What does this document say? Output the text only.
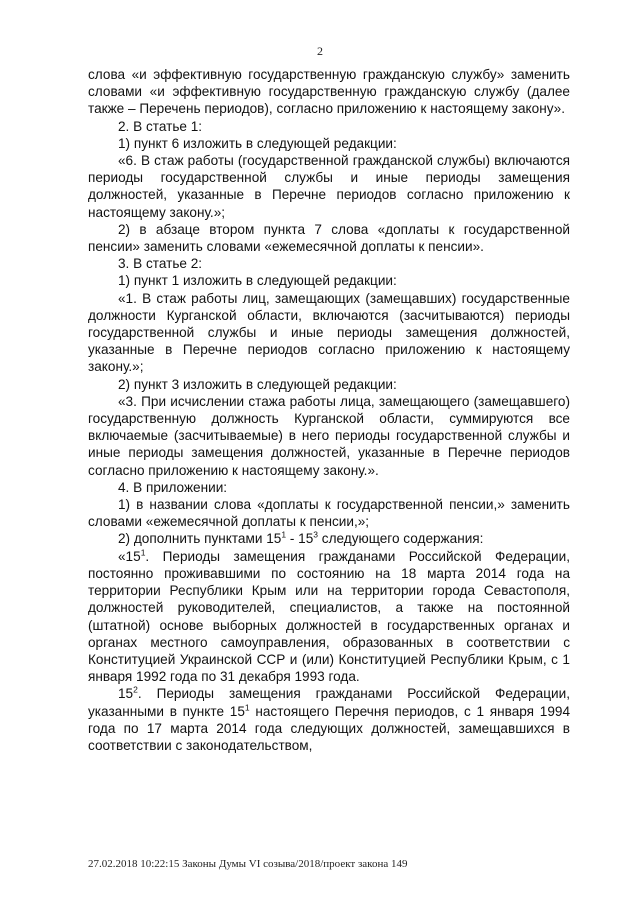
2

слова «и эффективную государственную гражданскую службу» заменить словами «и эффективную государственную гражданскую службу (далее также – Перечень периодов), согласно приложению к настоящему закону».

2. В статье 1:

1) пункт 6 изложить в следующей редакции:

«6. В стаж работы (государственной гражданской службы) включаются периоды государственной службы и иные периоды замещения должностей, указанные в Перечне периодов согласно приложению к настоящему закону.»;

2) в абзаце втором пункта 7 слова «доплаты к государственной пенсии» заменить словами «ежемесячной доплаты к пенсии».

3. В статье 2:

1) пункт 1 изложить в следующей редакции:

«1. В стаж работы лиц, замещающих (замещавших) государственные должности Курганской области, включаются (засчитываются) периоды государственной службы и иные периоды замещения должностей, указанные в Перечне периодов согласно приложению к настоящему закону.»;

2) пункт 3 изложить в следующей редакции:

«3. При исчислении стажа работы лица, замещающего (замещавшего) государственную должность Курганской области, суммируются все включаемые (засчитываемые) в него периоды государственной службы и иные периоды замещения должностей, указанные в Перечне периодов согласно приложению к настоящему закону.».

4. В приложении:

1) в названии слова «доплаты к государственной пенсии,» заменить словами «ежемесячной доплаты к пенсии,»;

2) дополнить пунктами $15^1 - 15^3$ следующего содержания:

«$15^1$. Периоды замещения гражданами Российской Федерации, постоянно проживавшими по состоянию на 18 марта 2014 года на территории Республики Крым или на территории города Севастополя, должностей руководителей, специалистов, а также на постоянной (штатной) основе выборных должностей в государственных органах и органах местного самоуправления, образованных в соответствии с Конституцией Украинской ССР и (или) Конституцией Республики Крым, с 1 января 1992 года по 31 декабря 1993 года.

$15^2$. Периоды замещения гражданами Российской Федерации, указанными в пункте $15^1$ настоящего Перечня периодов, с 1 января 1994 года по 17 марта 2014 года следующих должностей, замещавшихся в соответствии с законодательством,

27.02.2018 10:22:15 Законы Думы VI созыва/2018/проект закона 149
